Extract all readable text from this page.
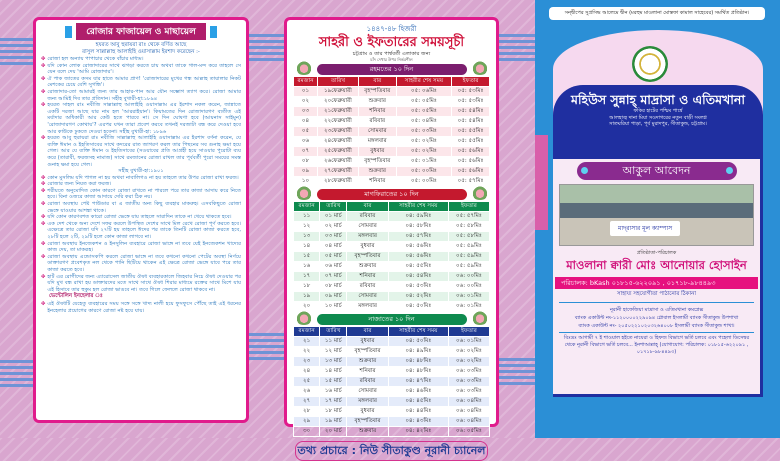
রোজার ফাজায়েল ও মাছায়েল
হযরত আবু হুরায়রা রাঃ থেকে বর্ণিত আছে
রাসুল সাল্লাল্লাহু আলাইহি ওয়াসাল্লাম ইরশাদ করেছেন :-
✤ রোজা হল অন্যায় পাপাচার থেকে বাঁচার মাধ্যম।
✤ যদি কোন লোক রোজাদারের সাথে ঝগড়া করতে চায় অথবা তাকে গাল-মন্দ করে তাহলে সে যেন বলে দেয় 'আমি রোজাদার'।
✤ ঐ পাক জাতের কসম যার হাতে আমার প্রাণ! 'রোজাদারের মুখের গন্ধ আল্লাহ তায়ালার নিকট মেশকের চেয়ে বেশি সুগন্ধি'।
✤ রোজাদার-তো আমারই জন্য তার আহার-পান আর যৌন সম্ভোগ ত্যাগ করে। রোজা আমার জন্য আমিই দিব তার প্রতিদান। সহীহ বুখারী-হা:১৮৯৪
✤ হযরত সাহল রাঃ নবীজি সাল্লাল্লাহু আলাইহি ওয়াসাল্লাম এর ইরশাদ নকল করেন, জান্নাতে একটি দরজা আছে যার নাম হল 'আররাইয়ান'। কিয়ামতের দিন রোজাদারগণ ব্যতীত এই মর্যাদার অধিকারী আর কেউ হতে পারবে না। সে দিন ঘোষণা হবে (আয়নাস সাইমুন) 'রোজাদারগণ কোথায়'? এরপর যখন তারা প্রবেশ করবে তখনই দরজাটা বন্ধ করে দেওয়া হবে আর কাউকে ঢুকতে দেওয়া হবেনা। সহীহ বুখারী-হা: ১৮৯৬
✤ হযরত আবু হুরায়রা রাঃ নবীজি সাল্লাল্লাহু আলাইহি ওয়াসাল্লাম এর ইরশাদ বর্ণনা করেন, যে ব্যক্তি ঈমান ও ইহতিসাবের সাথে কদরের রাত জাগরণ করল তার পিছনের সব গুনাহ ক্ষমা হয়ে গেল। আর যে ব্যক্তি ঈমান ও ইহতিসাবের (সওয়াবের প্রতি আগ্রহী হয়ে সাওয়ার পুরোটা ব্যয় করে (তারাবী, ফরজসহ নামাজ) সাথে রমজানের রোজা রাখল তার পূর্ববর্তী পুরো সময়ের সমস্ত গুনাহ ক্ষমা হয়ে গেল।
সহীহ বুখারী-হা:১৯০১
✤ কোন মুসলিম যদি পাগল না হয় অথবা নাবালিগও না হয় তাহলে তার উপর রোজা রাখা ফরজ।
✤ রোজার জন্য নিয়ত করা ফরজ।
✤ শরীয়তে অনুমোদিত কোন কারণে রোজা রাখতে না পারলে পরে তার কাজা আদায় করে নিতে হবে। বিনা ওজরে কাজা আদায়ে দেরি করা ঠিক নয়।
✤ রোজা অবস্থায় পেষ্ট পাউডার বা এ জাতীয় অন্য কিছু ব্যবহার মাকরুহ। এসবকিছুতে রোজা ভেঙ্গে যাওয়ার আশঙ্কা থাকে।
✤ যদি কোন কারণবশত কারো রোজা ভেঙ্গে যায় তাহলে সারাদিন তাকে না খেয়ে থাকতে হবে।
✤ এক দেশ থেকে অন্য দেশে সফর করলে উপস্থিত দেশের সাথে মিল রেখে রোজা পূর্ণ করতে হবে। এক্ষেত্রে তার রোজা যদি ২৭টি হয় তাহলে ঈদের পর তাকে তিনটি রোজা কাজা করতে হবে, ২৮টি হলে ২টি, ২৯টি হলে কোন কাজা লাগবে না।
✤ রোজা অবস্থায় ইনজেকশন ও ইনসুলিন ব্যবহারে রোজা ভাঙ্গে না তবে যেই ইনজেকশন খাদ্যের কাজ দেয়, তা মাকরূহ।
✤ রোজা অবস্থায় এন্ডোসকপি করলে রোজা ভাঙ্গে না তবে কখনো কখনো পেটের অবস্থা নির্ণয়ে ডাক্তারগণ প্রবেশকৃত নল থেকে পানি ছিটিয়ে থাকেন এই ক্ষেত্রে রোজা ভেঙ্গে যাবে পরে তার কাজা করতে হবে।
✤ হার্ট এর রোগীদের জন্য এ্যারোসেল জাতীয় ঔষধ ব্যবহারকালে জিহবার নিচে ঔষধ দেওয়ার পর যদি মুখ বন্ধ রাখা হয় ডাক্তারদের মতে সাথে সাথে ঔষধ শিরার মাধ্যমে রক্তের সাথে মিশে যায় এই হিসাবে তার হুকুম হল রোজা ভাঙবে না। তবে গিলে ফেললে রোজা থাকবে না।
ভেন্টোলিন ইনহেলার ঃ
✤ এই ঔষধটি যেহেতু ব্যবহারের সময় সঙ্গে সঙ্গে খাদ্য নালী হয়ে ফুসফুসে পৌঁছে তাই এই ধরনের ইনহেলার প্রয়োগের কারণে রোজা নষ্ট হয়ে যায়।
১৪৪৭-৪৮ হিজরী
সাহরী ও ইফতারের সময়সূচী
চট্টগ্রাম ও তার পার্শ্ববর্তী এলাকার জন্য
চাঁদ দেখার উপর নির্ভরশীল
রহমতের ১০ দিন
রমজান	তারিখ	বার	সাহরীর শেষ সময়	ইফতার
০১	১৯ফেব্রুয়ারী	বৃহস্পতিবার	০৫: ০৬মিঃ	০৫: ৫৩মিঃ
০২	২০ফেব্রুয়ারী	শুক্রবার	০৫: ০৫মিঃ	০৫: ৫৩মিঃ
০৩	২১ফেব্রুয়ারী	শনিবার	০৫: ০৫মিঃ	০৫: ৫৪মিঃ
০৪	২২ফেব্রুয়ারী	রবিবার	০৫: ০৪মিঃ	০৫: ৫৪মিঃ
০৫	২৩ফেব্রুয়ারী	সোমবার	০৫: ০৩মিঃ	০৫: ৫৫মিঃ
০৬	২৪ফেব্রুয়ারী	মঙ্গলবার	০৫: ০২মিঃ	০৫: ৫৫মিঃ
০৭	২৫ফেব্রুয়ারী	বুধবার	০৫: ০২মিঃ	০৫: ৫৬মিঃ
০৮	২৬ফেব্রুয়ারী	বৃহস্পতিবার	০৫: ০১মিঃ	০৫: ৫৬মিঃ
০৯	২৭ফেব্রুয়ারী	শুক্রবার	০৫: ০০মিঃ	০৫: ৫৬মিঃ
১০	২৮ফেব্রুয়ারী	শনিবার	০৫: ০০মিঃ	০৫: ৫৭মিঃ
মাগফিরাতের ১০ দিন
রমজান	তারিখ	বার	সাহরীর শেষ সময়	ইফতার
১১	০১ মার্চ	রবিবার	০৪: ৫৯মিঃ	০৫: ৫৭মিঃ
১২	০২ মার্চ	সোমবার	০৪: ৫৮মিঃ	০৫: ৫৮মিঃ
১৩	০৩ মার্চ	মঙ্গলবার	০৪: ৫৭মিঃ	০৫: ৫৮মিঃ
১৪	০৪ মার্চ	বুধবার	০৪: ৫৬মিঃ	০৫: ৫৯মিঃ
১৫	০৫ মার্চ	বৃহস্পতিবার	০৪: ৫৬মিঃ	০৫: ৫৯মিঃ
১৬	০৬ মার্চ	শুক্রবার	০৪: ৫৫মিঃ	০৫: ৫৯মিঃ
১৭	০৭ মার্চ	শনিবার	০৪: ৫৪মিঃ	০৬: ০০মিঃ
১৮	০৮ মার্চ	রবিবার	০৪: ৫৩মিঃ	০৬: ০০মিঃ
১৯	০৯ মার্চ	সোমবার	০৪: ৫২মিঃ	০৬: ০১মিঃ
২০	১০ মার্চ	মঙ্গলবার	০৪: ৫০মিঃ	০৬: ০১মিঃ
নাজাতের ১০ দিন
রমজান	তারিখ	বার	সাহরীর শেষ সময়	ইফতার
২১	১১ মার্চ	বুধবার	০৪: ৫০মিঃ	০৬: ০১মিঃ
২২	১২ মার্চ	বৃহস্পতিবার	০৪: ৪৯মিঃ	০৬: ০২মিঃ
২৩	১৩ মার্চ	শুক্রবার	০৪: ৪৮মিঃ	০৬: ০২মিঃ
২৪	১৪ মার্চ	শনিবার	০৪: ৪৮মিঃ	০৬: ০৩মিঃ
২৫	১৫ মার্চ	রবিবার	০৪: ৪৭মিঃ	০৬: ০৩মিঃ
২৬	১৬ মার্চ	সোমবার	০৪: ৪৬মিঃ	০৬: ০৩মিঃ
২৭	১৭ মার্চ	মঙ্গলবার	০৪: ৪৫মিঃ	০৬: ০৪মিঃ
২৮	১৮ মার্চ	বুধবার	০৪: ৪৪মিঃ	০৬: ০৪মিঃ
২৯	১৯ মার্চ	বৃহস্পতিবার	০৪: ৪৩মিঃ	০৬: ০৪মিঃ
৩০	২০ মার্চ	শুক্রবার	০৪: ৪২মিঃ	০৬: ০৫মিঃ
তথ্য প্রচারে : নিউ সীতাকুণ্ড নূরানী চ্যানেল
সন্দ্বীপের সুপ্রসিদ্ধ আলেমে দ্বীন (মরহুম মাওলানা মোস্তফা কামাল সাহেবের) সমর্থিত প্রতিষ্ঠান।
মহিউস সুন্নাহ্ মাদ্রাসা ও এতিমখানা
ফকির হাটের পশ্চিম পার্শ্বে
আলহাজ্ব দানা মিয়া সওদাগরের নতুন বাড়ী সংলগ্ন
সাতঘরিয়া পাড়া, পূর্ব মুরাদপুর, সীতাকুন্ড, চট্টগ্রাম।
আকুল আবেদন
মাদ্‌রাসার মূল ক্যাম্পাস
প্রতিষ্ঠাতা-পরিচালক
মাওলানা ক্বারী মোঃ আনোয়ার হোসাইন
পরিচালক: bKash ০১৮১৫-৬২২০৯১ , ০১৭১৮-৯৮৪৪৯৩
সাহায্য সহযোগীতা পাঠানোর ঠিকানা
নূরানী হাফেজিয়া মাদ্রাসা ও এতিমখানা কমপ্লেক্স
ব্যাংক একাউন্ট নং-১১২০০০০২২৯০৯৪ গ্লোবাল ইসলামী ব্যাংক সীতাকুন্ড উপশাখা
ব্যাংক একাউন্ট নং- ২০৫০২২১০২০৩২৬৪০০৮ ইসলামী ব্যাংক সীতাকুন্ড শাখা।
বিঃদ্রঃ আগামী ৭ ই শাওয়াল হইতে নাযেরা ও হিফজ বিভাগে ভর্তি চলবে এবং পহেলা ডিসেম্বর থেকে নূরানী বিভাগে ভর্তি চলবে... ইনশাআল্লাহ্ (যোগাযোগ: পরিচালক: ০১৮১৫-৬২২০৯১ , ০১৭১৮-৯৮৪৪৯৩)
